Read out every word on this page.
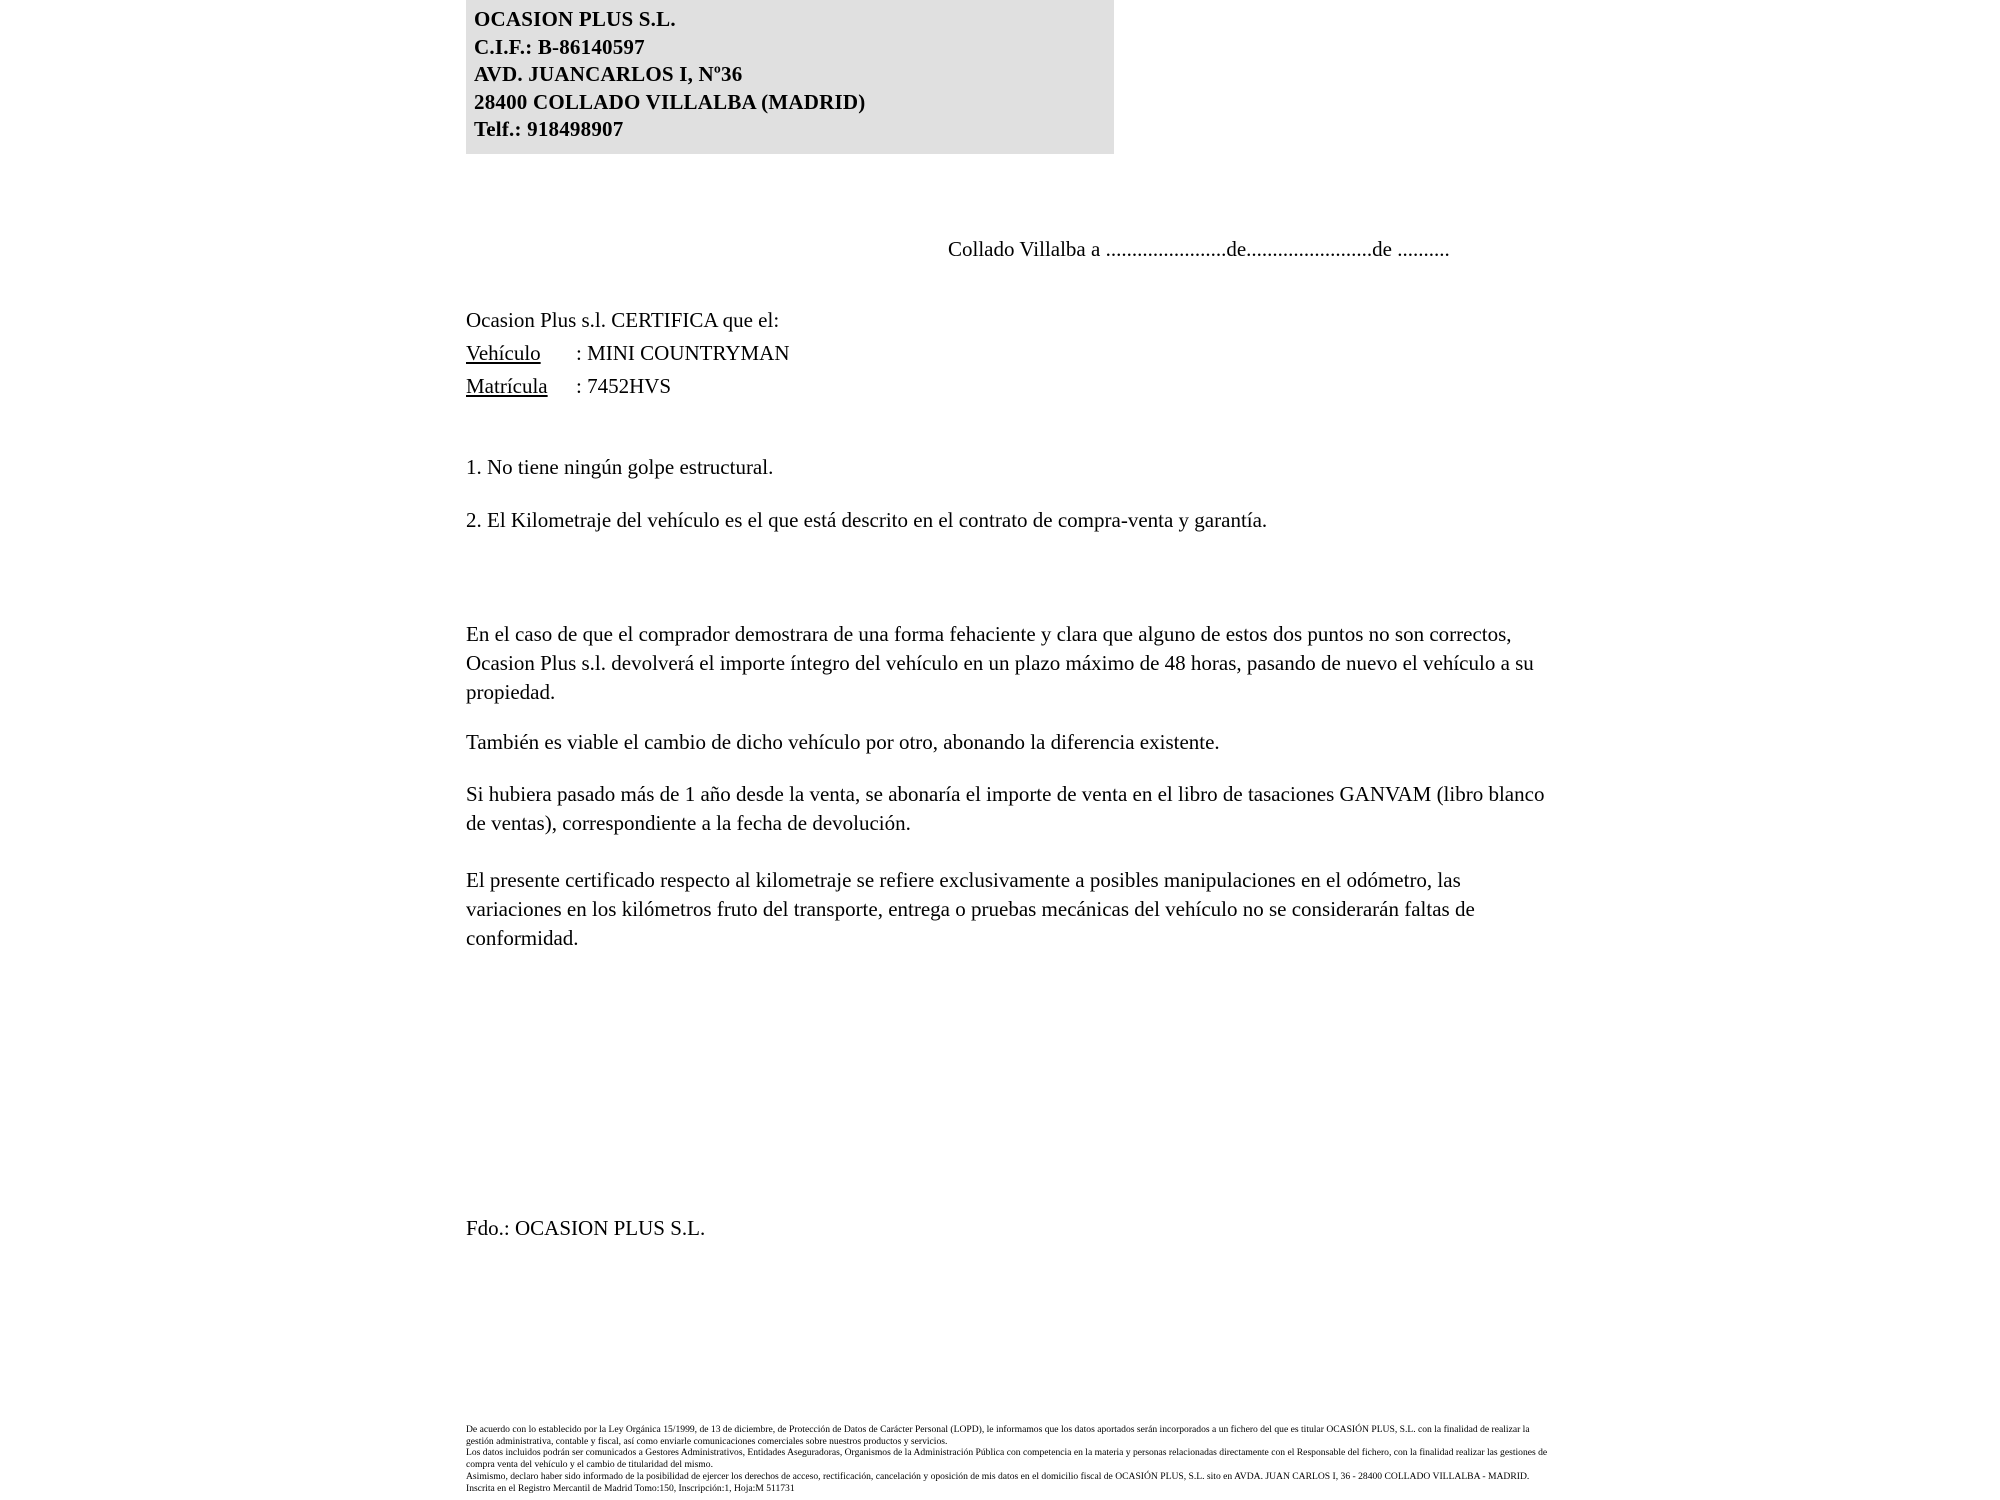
OCASION PLUS S.L.
C.I.F.: B-86140597
AVD. JUANCARLOS I, Nº36
28400 COLLADO VILLALBA (MADRID)
Telf.: 918498907
Collado Villalba a .......................de........................de ..........
Ocasion Plus s.l. CERTIFICA que el:
Vehículo : MINI COUNTRYMAN
Matrícula : 7452HVS
1. No tiene ningún golpe estructural.
2. El Kilometraje del vehículo es el que está descrito en el contrato de compra-venta y garantía.
En el caso de que el comprador demostrara de una forma fehaciente y clara que alguno de estos dos puntos no son correctos, Ocasion Plus s.l. devolverá el importe íntegro del vehículo en un plazo máximo de 48 horas, pasando de nuevo el vehículo a su propiedad.
También es viable el cambio de dicho vehículo por otro, abonando la diferencia existente.
Si hubiera pasado más de 1 año desde la venta, se abonaría el importe de venta en el libro de tasaciones GANVAM (libro blanco de ventas), correspondiente a la fecha de devolución.
El presente certificado respecto al kilometraje se refiere exclusivamente a posibles manipulaciones en el odómetro, las variaciones en los kilómetros fruto del transporte, entrega o pruebas mecánicas del vehículo no se considerarán faltas de conformidad.
Fdo.: OCASION PLUS S.L.

De acuerdo con lo establecido por la Ley Orgánica 15/1999, de 13 de diciembre, de Protección de Datos de Carácter Personal (LOPD), le informamos que los datos aportados serán incorporados a un fichero del que es titular OCASIÓN PLUS, S.L. con la finalidad de realizar la gestión administrativa, contable y fiscal, así como enviarle comunicaciones comerciales sobre nuestros productos y servicios.

Los datos incluidos podrán ser comunicados a Gestores Administrativos, Entidades Aseguradoras, Organismos de la Administración Pública con competencia en la materia y personas relacionadas directamente con el Responsable del fichero, con la finalidad realizar las gestiones de compra venta del vehículo y el cambio de titularidad del mismo.

Asimismo, declaro haber sido informado de la posibilidad de ejercer los derechos de acceso, rectificación, cancelación y oposición de mis datos en el domicilio fiscal de OCASIÓN PLUS, S.L. sito en AVDA. JUAN CARLOS I, 36 - 28400 COLLADO VILLALBA - MADRID. Inscrita en el Registro Mercantil de Madrid Tomo:150, Inscripción:1, Hoja:M 511731
